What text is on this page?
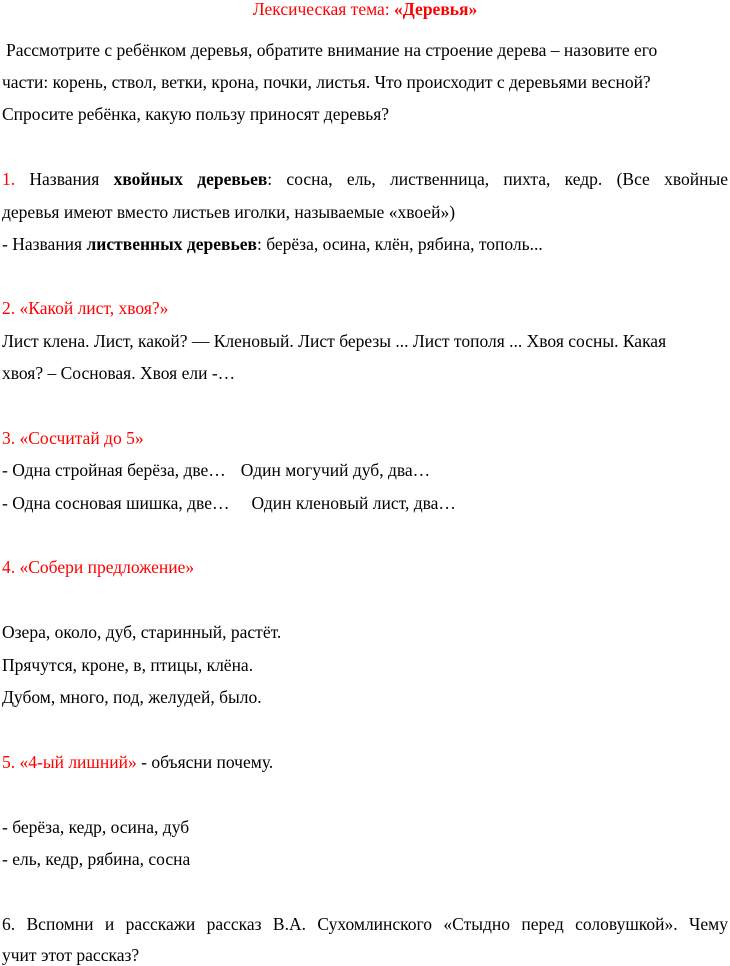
Лексическая тема: «Деревья»
Рассмотрите с ребёнком деревья, обратите внимание на строение дерева – назовите его
части: корень, ствол, ветки, крона, почки, листья. Что происходит с деревьями весной?
Спросите ребёнка, какую пользу приносят деревья?
1. Названия хвойных деревьев: сосна, ель, лиственница, пихта, кедр. (Все хвойные
деревья имеют вместо листьев иголки, называемые «хвоей»)
- Названия лиственных деревьев: берёза, осина, клён, рябина, тополь...
2. «Какой лист, хвоя?»
Лист клена. Лист, какой? — Кленовый. Лист березы ... Лист тополя ... Хвоя сосны. Какая
хвоя? – Сосновая. Хвоя ели -…
3. «Сосчитай до 5»
- Одна стройная берёза, две… Один могучий дуб, два…
- Одна сосновая шишка, две… Один кленовый лист, два…
4. «Собери предложение»
Озера, около, дуб, старинный, растёт.
Прячутся, кроне, в, птицы, клёна.
Дубом, много, под, желудей, было.
5. «4-ый лишний» - объясни почему.
- берёза, кедр, осина, дуб
- ель, кедр, рябина, сосна
6. Вспомни и расскажи рассказ В.А. Сухомлинского «Стыдно перед соловушкой». Чему
учит этот рассказ?
